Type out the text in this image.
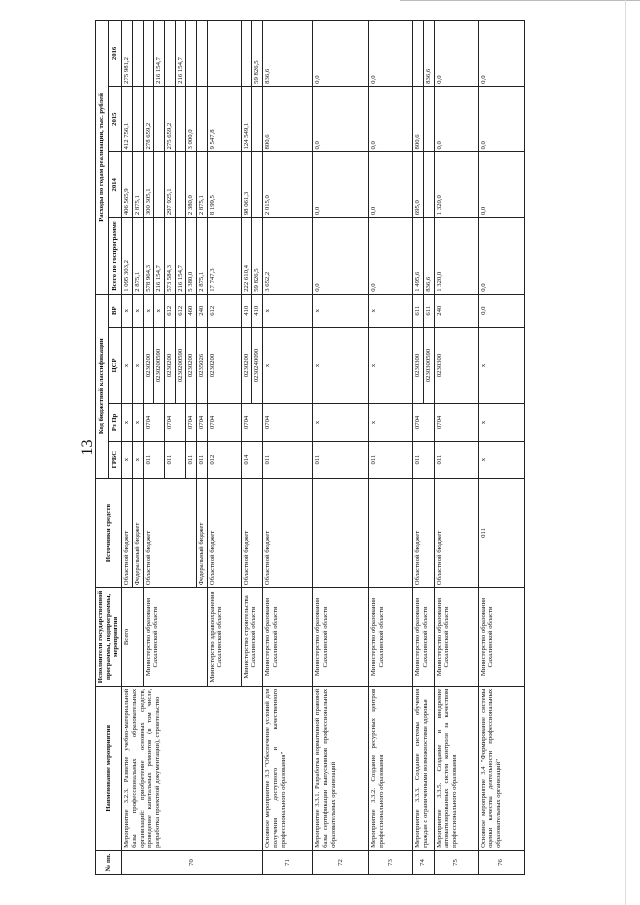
13
№ пп.	Наименование мероприятия	Исполнители государственной программы, подпрограммы, мероприятия	Источники средств	Код бюджетной классификации				Расходы по годам реализации, тыс. рублей			
				ГРБС	Рз Пр	ЦСР	ВР	Всего по госпрограмме	2014	2015	2016
70	Мероприятие 3.2.3. Развитие учебно-материальной базы профессиональных образовательных организаций: приобретение основных средств, проведение капитальных ремонтов (в том числе, разработка проектной документации), строительство	Всего	Областной бюджет	x	x	x	x	1 095 303,2	406 565,9	412 756,1	275 981,2
			Федеральный бюджет	x	x	x	x	2 875,1	2 875,1		
		Министерство образования Сахалинской области	Областной бюджет	011	0704	0230200	x	578 964,3	300 305,1	278 659,2	
						0230200590	x	216 154,7			216 154,7
				011	0704	0230200	612	573 584,3	297 925,1	275 659,2	
						0230200590	612	216 154,7			216 154,7
				011	0704	0230200	460	5 380,0	2 380,0	3 000,0	
			Федеральный бюджет	011	0704	0235026	240	2 875,1	2 875,1		
		Министерство здравоохранения Сахалинской области	Областной бюджет	012	0704	0230200	612	17 747,3	8 199,5	9 547,8	
		Министерство строительства Сахалинской области	Областной бюджет	014	0704	0230200	410	222 610,4	98 061,3	124 549,1	
						0230240090	410	59 826,5			59 826,5
71	Основное мероприятие 3.3 "Обеспечение условий для получения доступного и качественного профессионального образования"	Министерство образования Сахалинской области	Областной бюджет	011	0704	x	x	3 652,2	2 015,0	800,6	836,6
72	Мероприятие 3.3.1. Разработка нормативной правовой базы сертификации выпускников профессиональных образовательных организаций	Министерство образования Сахалинской области		011	x	x	x	0,0	0,0	0,0	0,0
73	Мероприятие 3.3.2. Создание ресурсных центров профессионального образования	Министерство образования Сахалинской области		011	x	x	x	0,0	0,0	0,0	0,0
74	Мероприятие 3.3.3. Создание системы обучения граждан с ограниченными возможностями здоровья	Министерство образования Сахалинской области	Областной бюджет	011	0704	0230300	611	1 495,6	695,0	800,6	
						0230300590	611	836,6			836,6
75	Мероприятие 3.3.5. Создание и внедрение автоматизированных систем контроля за качеством профессионального образования	Министерство образования Сахалинской области	Областной бюджет	011	0704	0230300	240	1 320,0	1 320,0	0,0	0,0
76	Основное мероприятие 3.4 "Формирование системы оценки качества деятельности профессиональных образовательных организаций"	Министерство образования Сахалинской области	011	x	x	x	0,0	0,0	0,0	0,0	0,0
